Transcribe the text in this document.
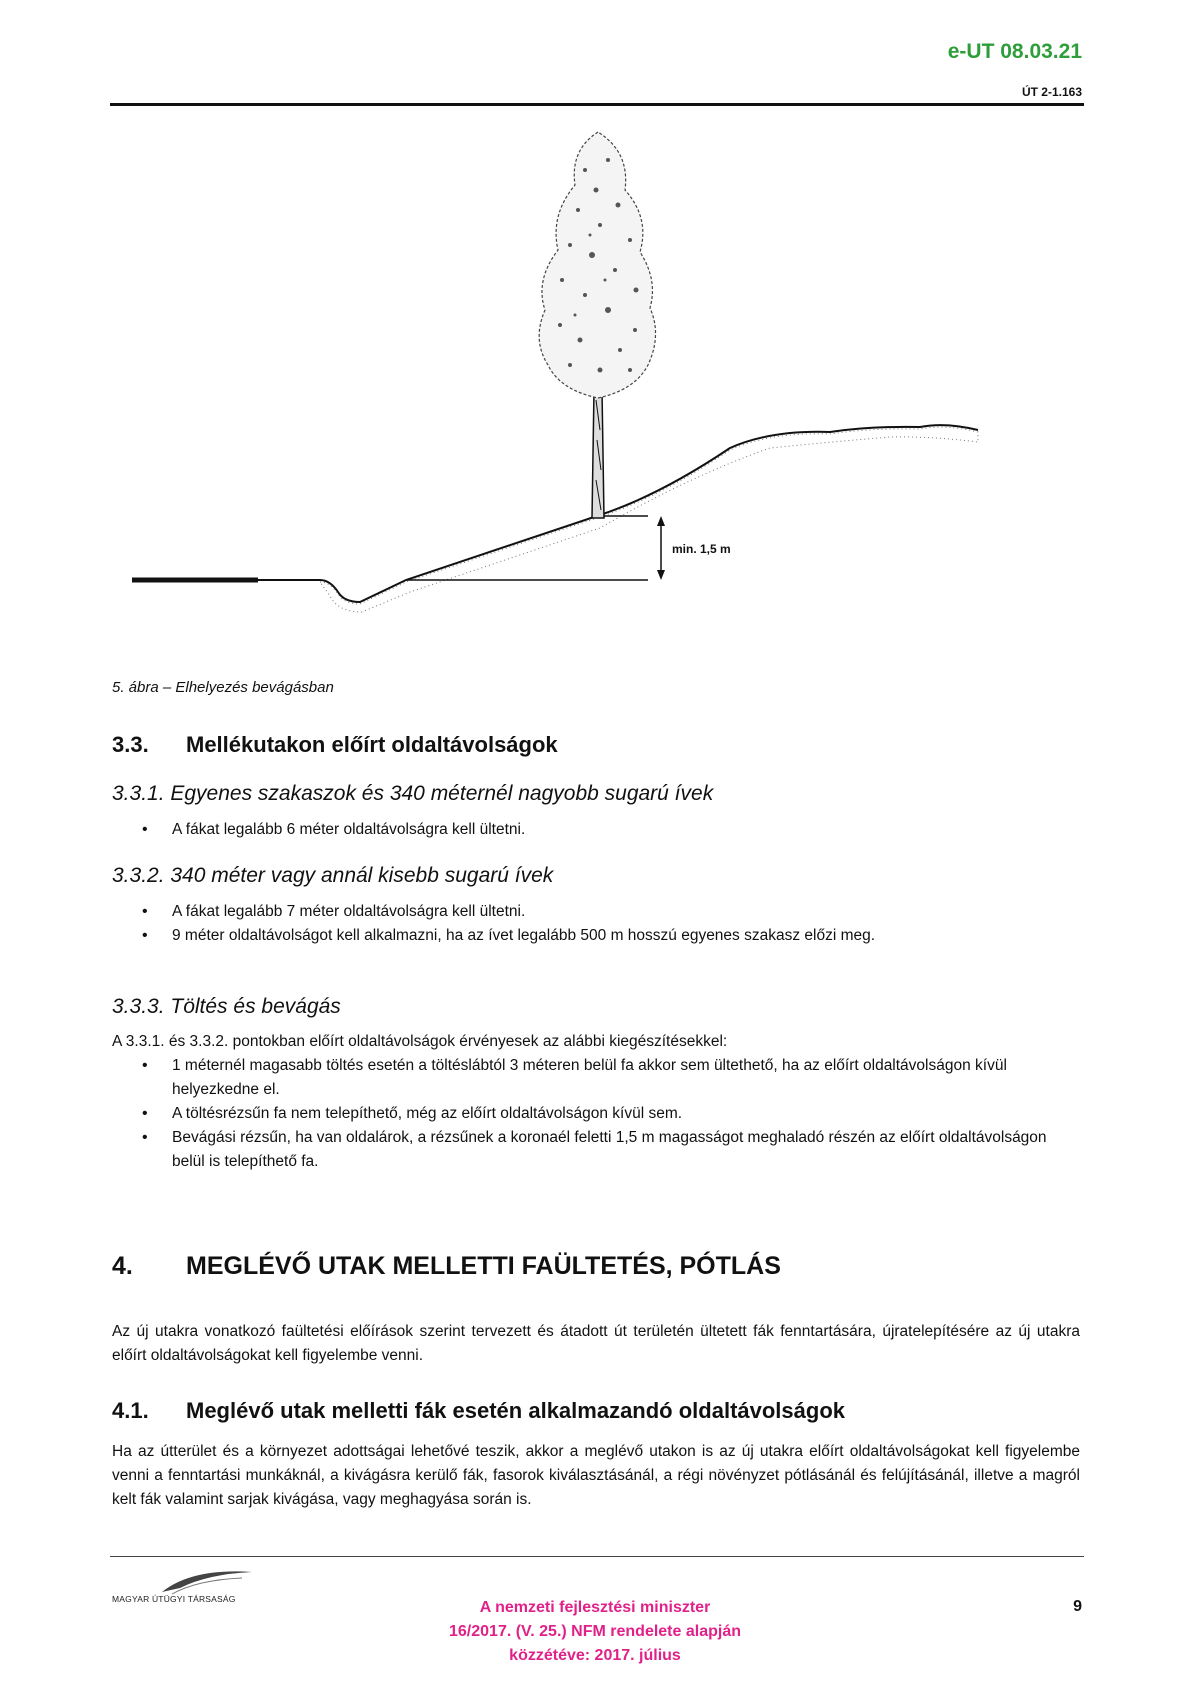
e-UT 08.03.21
ÚT 2-1.163
min. 1,5 m
5. ábra – Elhelyezés bevágásban
3.3. Mellékutakon előírt oldaltávolságok
3.3.1. Egyenes szakaszok és 340 méternél nagyobb sugarú ívek
• A fákat legalább 6 méter oldaltávolságra kell ültetni.
3.3.2. 340 méter vagy annál kisebb sugarú ívek
• A fákat legalább 7 méter oldaltávolságra kell ültetni.
• 9 méter oldaltávolságot kell alkalmazni, ha az ívet legalább 500 m hosszú egyenes szakasz előzi meg.
3.3.3. Töltés és bevágás
A 3.3.1. és 3.3.2. pontokban előírt oldaltávolságok érvényesek az alábbi kiegészítésekkel:
• 1 méternél magasabb töltés esetén a töltéslábtól 3 méteren belül fa akkor sem ültethető, ha az előírt oldaltávolságon kívül helyezkedne el.
• A töltésrézsűn fa nem telepíthető, még az előírt oldaltávolságon kívül sem.
• Bevágási rézsűn, ha van oldalárok, a rézsűnek a koronaél feletti 1,5 m magasságot meghaladó részén az előírt oldaltávolságon belül is telepíthető fa.
4. MEGLÉVŐ UTAK MELLETTI FAÜLTETÉS, PÓTLÁS
Az új utakra vonatkozó faültetési előírások szerint tervezett és átadott út területén ültetett fák fenntartására, újratelepítésére az új utakra előírt oldaltávolságokat kell figyelembe venni.
4.1. Meglévő utak melletti fák esetén alkalmazandó oldaltávolságok
Ha az útterület és a környezet adottságai lehetővé teszik, akkor a meglévő utakon is az új utakra előírt oldaltávolságokat kell figyelembe venni a fenntartási munkáknál, a kivágásra kerülő fák, fasorok kiválasztásánál, a régi növényzet pótlásánál és felújításánál, illetve a magról kelt fák valamint sarjak kivágása, vagy meghagyása során is.
MAGYAR ÚTÜGYI TÁRSASÁG	A nemzeti fejlesztési miniszter
16/2017. (V. 25.) NFM rendelete alapján
közzétéve: 2017. július
9
